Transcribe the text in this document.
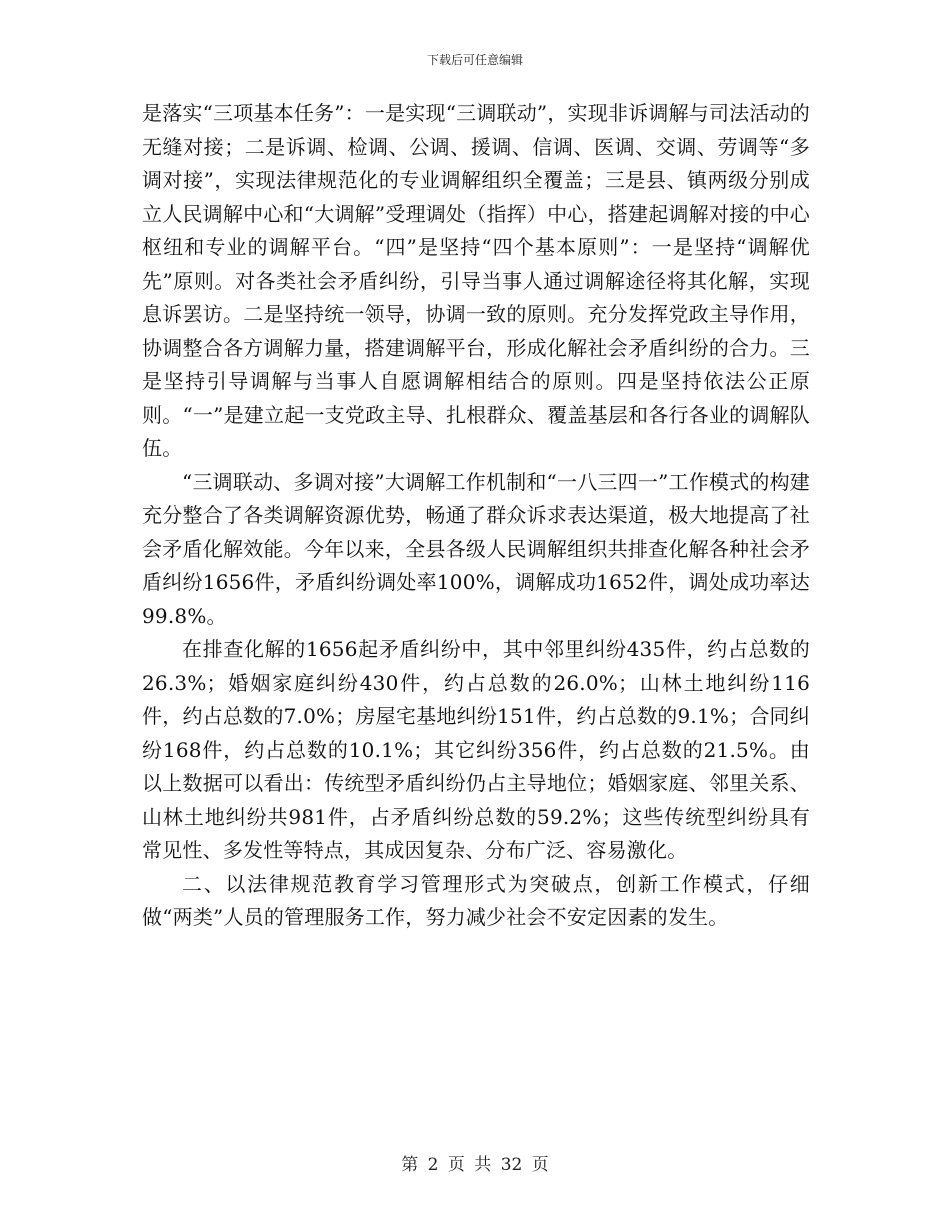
下载后可任意编辑

是落实“三项基本任务”：一是实现“三调联动”，实现非诉调解与司法活动的无缝对接；二是诉调、检调、公调、援调、信调、医调、交调、劳调等“多调对接”，实现法律规范化的专业调解组织全覆盖；三是县、镇两级分别成立人民调解中心和“大调解”受理调处（指挥）中心，搭建起调解对接的中心枢纽和专业的调解平台。“四”是坚持“四个基本原则”：一是坚持“调解优先”原则。对各类社会矛盾纠纷，引导当事人通过调解途径将其化解，实现息诉罢访。二是坚持统一领导，协调一致的原则。充分发挥党政主导作用，协调整合各方调解力量，搭建调解平台，形成化解社会矛盾纠纷的合力。三是坚持引导调解与当事人自愿调解相结合的原则。四是坚持依法公正原则。“一”是建立起一支党政主导、扎根群众、覆盖基层和各行各业的调解队伍。

“三调联动、多调对接”大调解工作机制和“一八三四一”工作模式的构建充分整合了各类调解资源优势，畅通了群众诉求表达渠道，极大地提高了社会矛盾化解效能。今年以来，全县各级人民调解组织共排查化解各种社会矛盾纠纷1656件，矛盾纠纷调处率100%，调解成功1652件，调处成功率达99.8%。

在排查化解的1656起矛盾纠纷中，其中邻里纠纷435件，约占总数的26.3%；婚姻家庭纠纷430件，约占总数的26.0%；山林土地纠纷116件，约占总数的7.0%；房屋宅基地纠纷151件，约占总数的9.1%；合同纠纷168件，约占总数的10.1%；其它纠纷356件，约占总数的21.5%。由以上数据可以看出：传统型矛盾纠纷仍占主导地位；婚姻家庭、邻里关系、山林土地纠纷共981件，占矛盾纠纷总数的59.2%；这些传统型纠纷具有常见性、多发性等特点，其成因复杂、分布广泛、容易激化。

二、以法律规范教育学习管理形式为突破点，创新工作模式，仔细做“两类”人员的管理服务工作，努力减少社会不安定因素的发生。

第 2 页 共 32 页
